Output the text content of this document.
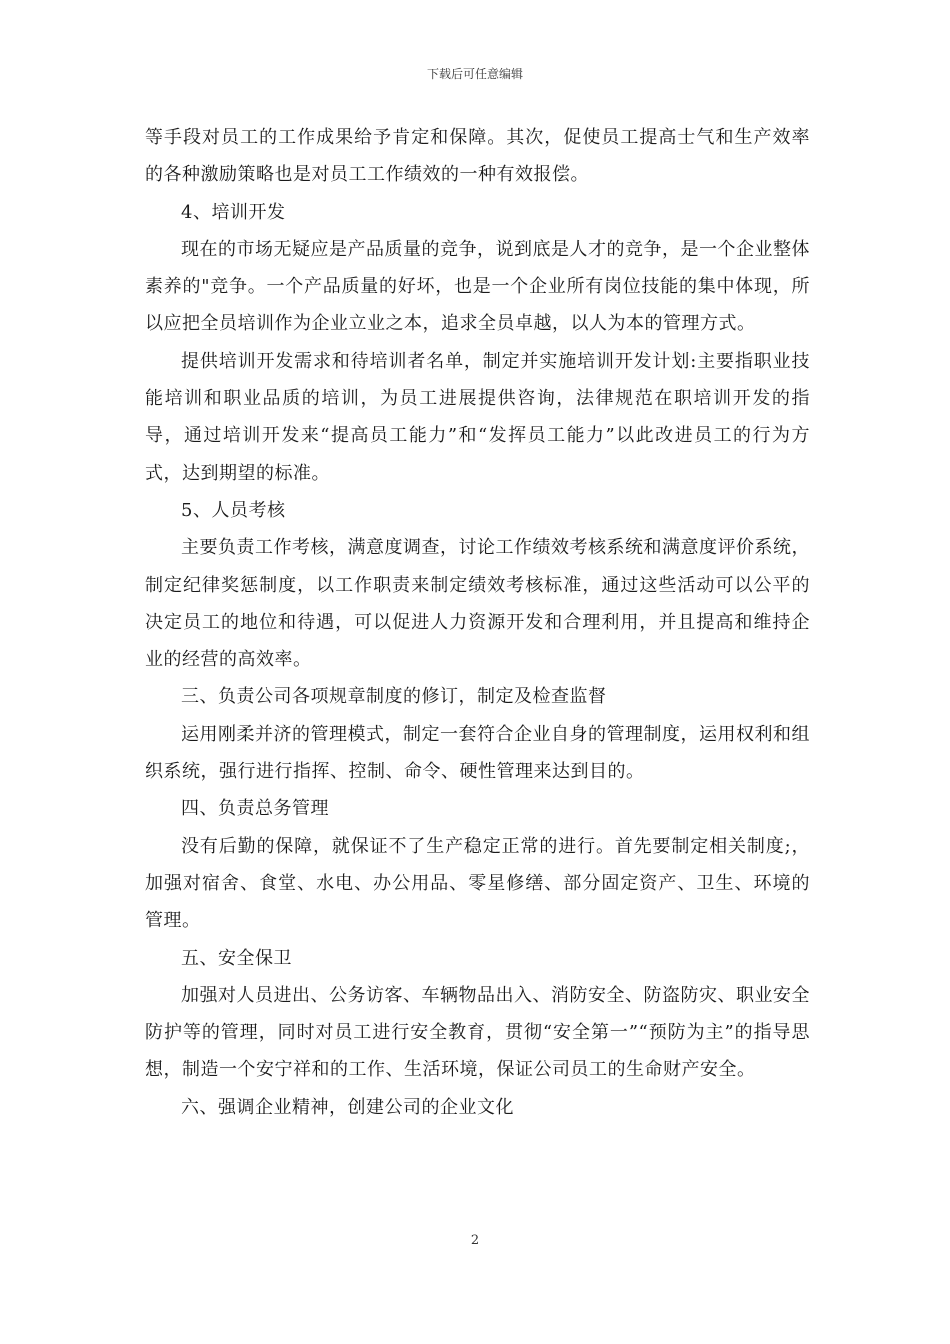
下载后可任意编辑

等手段对员工的工作成果给予肯定和保障。其次，促使员工提高士气和生产效率的各种激励策略也是对员工工作绩效的一种有效报偿。

4、培训开发

现在的市场无疑应是产品质量的竞争，说到底是人才的竞争，是一个企业整体素养的"竞争。一个产品质量的好坏，也是一个企业所有岗位技能的集中体现，所以应把全员培训作为企业立业之本，追求全员卓越，以人为本的管理方式。

提供培训开发需求和待培训者名单，制定并实施培训开发计划:主要指职业技能培训和职业品质的培训，为员工进展提供咨询，法律规范在职培训开发的指导，通过培训开发来“提高员工能力”和“发挥员工能力”以此改进员工的行为方式，达到期望的标准。

5、人员考核

主要负责工作考核，满意度调查，讨论工作绩效考核系统和满意度评价系统，制定纪律奖惩制度，以工作职责来制定绩效考核标准，通过这些活动可以公平的决定员工的地位和待遇，可以促进人力资源开发和合理利用，并且提高和维持企业的经营的高效率。

三、负责公司各项规章制度的修订，制定及检查监督

运用刚柔并济的管理模式，制定一套符合企业自身的管理制度，运用权利和组织系统，强行进行指挥、控制、命令、硬性管理来达到目的。

四、负责总务管理

没有后勤的保障，就保证不了生产稳定正常的进行。首先要制定相关制度;，加强对宿舍、食堂、水电、办公用品、零星修缮、部分固定资产、卫生、环境的管理。

五、安全保卫

加强对人员进出、公务访客、车辆物品出入、消防安全、防盗防灾、职业安全防护等的管理，同时对员工进行安全教育，贯彻“安全第一”“预防为主”的指导思想，制造一个安宁祥和的工作、生活环境，保证公司员工的生命财产安全。

六、强调企业精神，创建公司的企业文化

2
